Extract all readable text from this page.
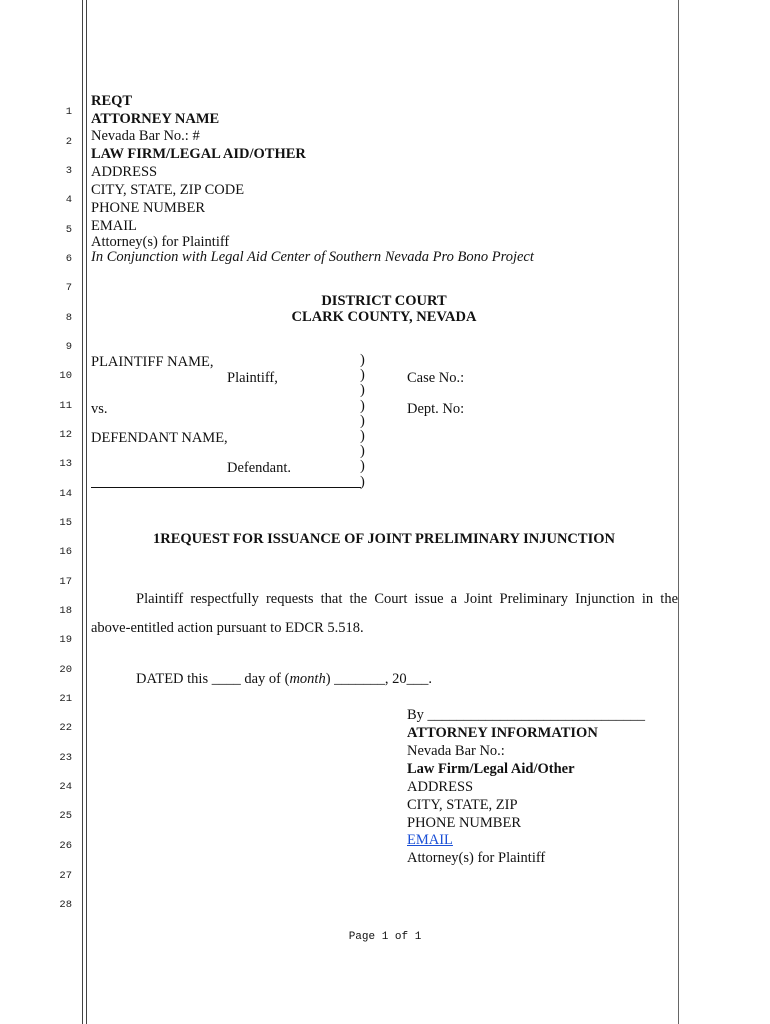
1
2
3
4
5
6
7
8
9
10
11
12
13
14
15
16
17
18
19
20
21
22
23
24
25
26
27
28
REQT
ATTORNEY NAME
Nevada Bar No.: #
LAW FIRM/LEGAL AID/OTHER
ADDRESS
CITY, STATE, ZIP CODE
PHONE NUMBER
EMAIL
Attorney(s) for Plaintiff
In Conjunction with Legal Aid Center of Southern Nevada Pro Bono Project
DISTRICT COURT
CLARK COUNTY, NEVADA
PLAINTIFF NAME,
Plaintiff,
vs.
DEFENDANT NAME,
Defendant.
)
)
)
)
)
)
)
)
)
Case No.:
Dept. No:
1REQUEST FOR ISSUANCE OF JOINT PRELIMINARY INJUNCTION
Plaintiff respectfully requests that the Court issue a Joint Preliminary Injunction in the
above-entitled action pursuant to EDCR 5.518.
DATED this ____ day of (month) _______, 20___.
By ______________________________
ATTORNEY INFORMATION
Nevada Bar No.:
Law Firm/Legal Aid/Other
ADDRESS
CITY, STATE, ZIP
PHONE NUMBER
EMAIL
Attorney(s) for Plaintiff
Page 1 of 1
